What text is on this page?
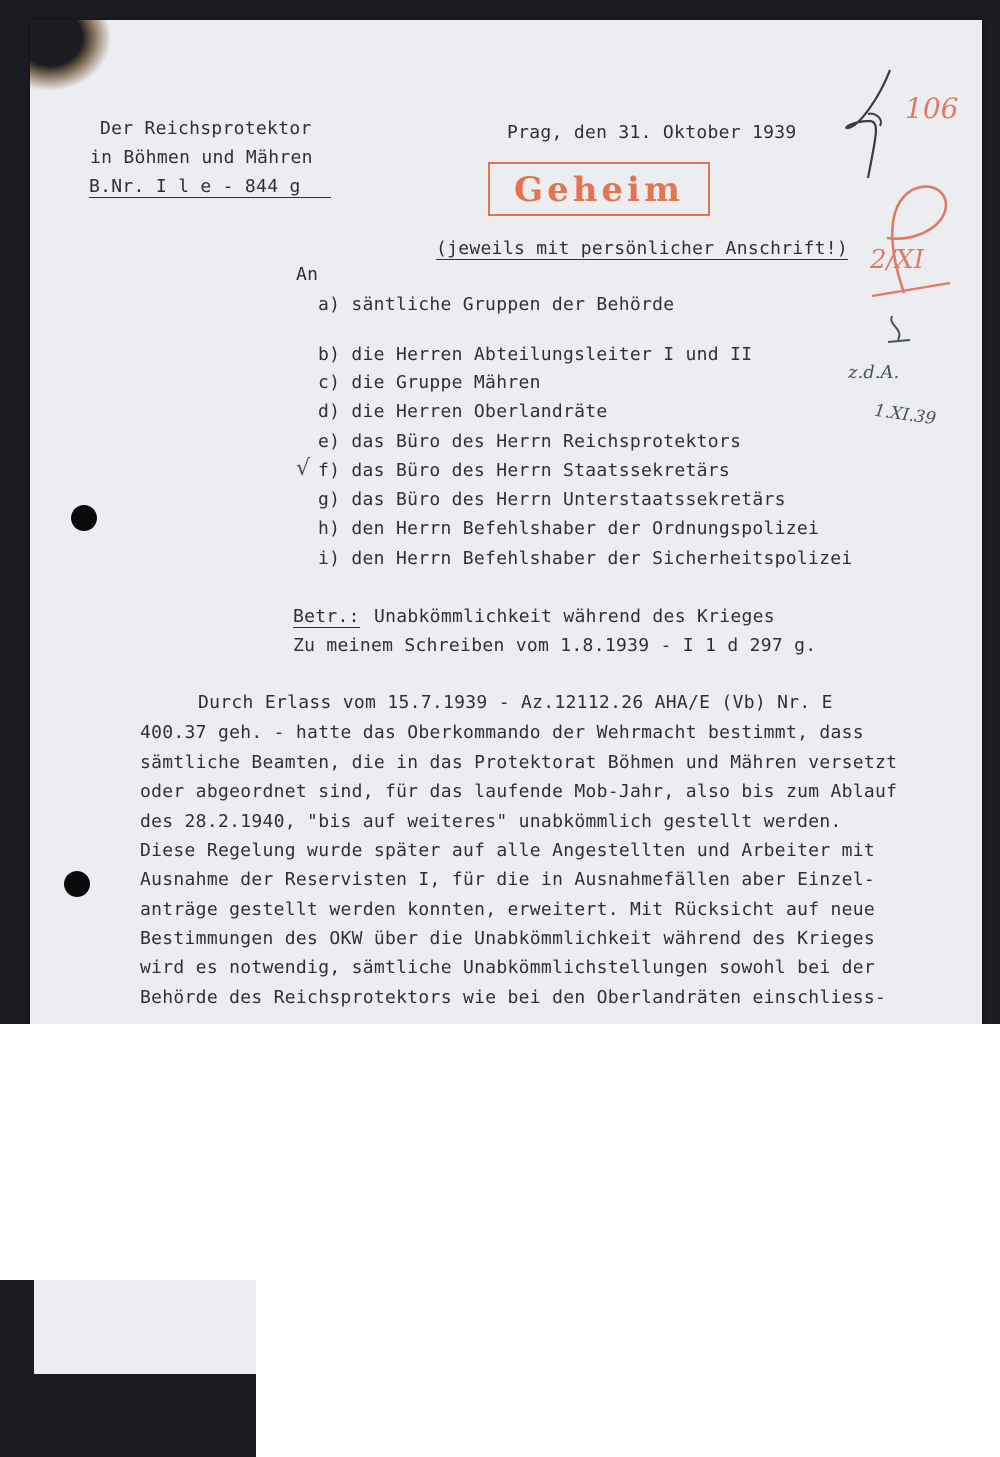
Der Reichsprotektor
in Böhmen und Mähren
B.Nr. I l e - 844 g
Prag, den 31. Oktober 1939
Geheim
(jeweils mit persönlicher Anschrift!)
An
a) säntliche Gruppen der Behörde
b) die Herren Abteilungsleiter I und II
c) die Gruppe Mähren
d) die Herren Oberlandräte
e) das Büro des Herrn Reichsprotektors
f) das Büro des Herrn Staatssekretärs
g) das Büro des Herrn Unterstaatssekretärs
h) den Herrn Befehlshaber der Ordnungspolizei
i) den Herrn Befehlshaber der Sicherheitspolizei
Betr.: Unabkömmlichkeit während des Krieges
Zu meinem Schreiben vom 1.8.1939 - I 1 d 297 g.
Durch Erlass vom 15.7.1939 - Az.12112.26 AHA/E (Vb) Nr. E
400.37 geh. - hatte das Oberkommando der Wehrmacht bestimmt, dass
sämtliche Beamten, die in das Protektorat Böhmen und Mähren versetzt
oder abgeordnet sind, für das laufende Mob-Jahr, also bis zum Ablauf
des 28.2.1940, "bis auf weiteres" unabkömmlich gestellt werden.
Diese Regelung wurde später auf alle Angestellten und Arbeiter mit
Ausnahme der Reservisten I, für die in Ausnahmefällen aber Einzel-
anträge gestellt werden konnten, erweitert. Mit Rücksicht auf neue
Bestimmungen des OKW über die Unabkömmlichkeit während des Krieges
wird es notwendig, sämtliche Unabkömmlichstellungen sowohl bei der
Behörde des Reichsprotektors wie bei den Oberlandräten einschliess-
106
2/XI
z.d.A.
1.XI.39
√
